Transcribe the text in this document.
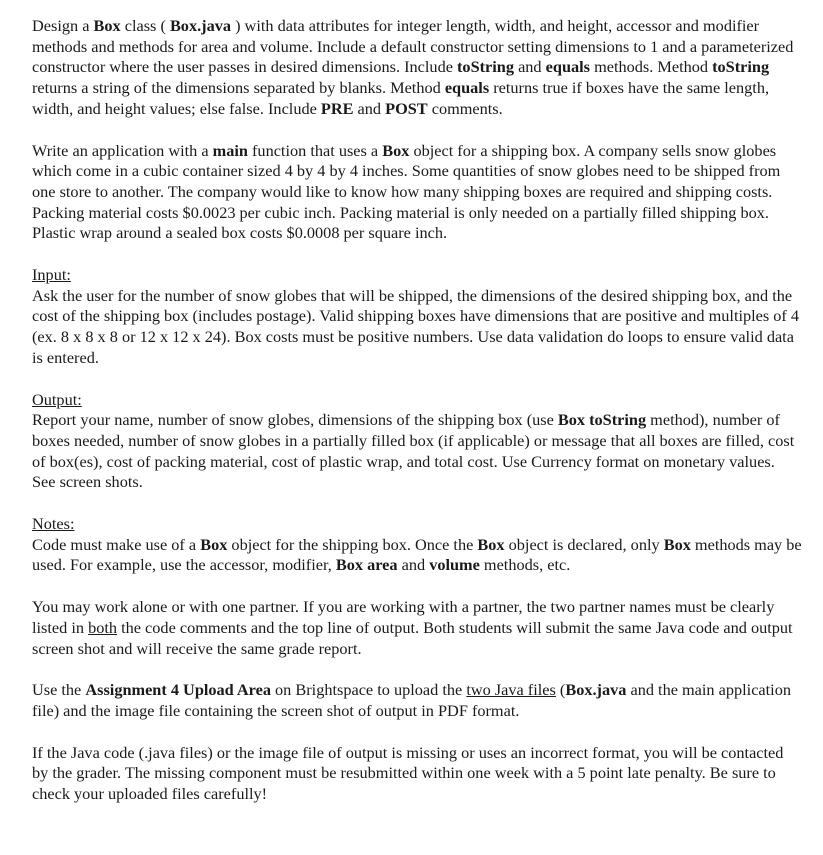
Design a Box class ( Box.java ) with data attributes for integer length, width, and height, accessor and modifier methods and methods for area and volume. Include a default constructor setting dimensions to 1 and a parameterized constructor where the user passes in desired dimensions. Include toString and equals methods. Method toString returns a string of the dimensions separated by blanks. Method equals returns true if boxes have the same length, width, and height values; else false. Include PRE and POST comments.

Write an application with a main function that uses a Box object for a shipping box. A company sells snow globes which come in a cubic container sized 4 by 4 by 4 inches. Some quantities of snow globes need to be shipped from one store to another. The company would like to know how many shipping boxes are required and shipping costs. Packing material costs $0.0023 per cubic inch. Packing material is only needed on a partially filled shipping box. Plastic wrap around a sealed box costs $0.0008 per square inch.

Input:
Ask the user for the number of snow globes that will be shipped, the dimensions of the desired shipping box, and the cost of the shipping box (includes postage). Valid shipping boxes have dimensions that are positive and multiples of 4 (ex. 8 x 8 x 8 or 12 x 12 x 24). Box costs must be positive numbers. Use data validation do loops to ensure valid data is entered.

Output:
Report your name, number of snow globes, dimensions of the shipping box (use Box toString method), number of boxes needed, number of snow globes in a partially filled box (if applicable) or message that all boxes are filled, cost of box(es), cost of packing material, cost of plastic wrap, and total cost. Use Currency format on monetary values. See screen shots.

Notes:
Code must make use of a Box object for the shipping box. Once the Box object is declared, only Box methods may be used. For example, use the accessor, modifier, Box area and volume methods, etc.

You may work alone or with one partner. If you are working with a partner, the two partner names must be clearly listed in both the code comments and the top line of output. Both students will submit the same Java code and output screen shot and will receive the same grade report.

Use the Assignment 4 Upload Area on Brightspace to upload the two Java files (Box.java and the main application file) and the image file containing the screen shot of output in PDF format.

If the Java code (.java files) or the image file of output is missing or uses an incorrect format, you will be contacted by the grader. The missing component must be resubmitted within one week with a 5 point late penalty. Be sure to check your uploaded files carefully!
